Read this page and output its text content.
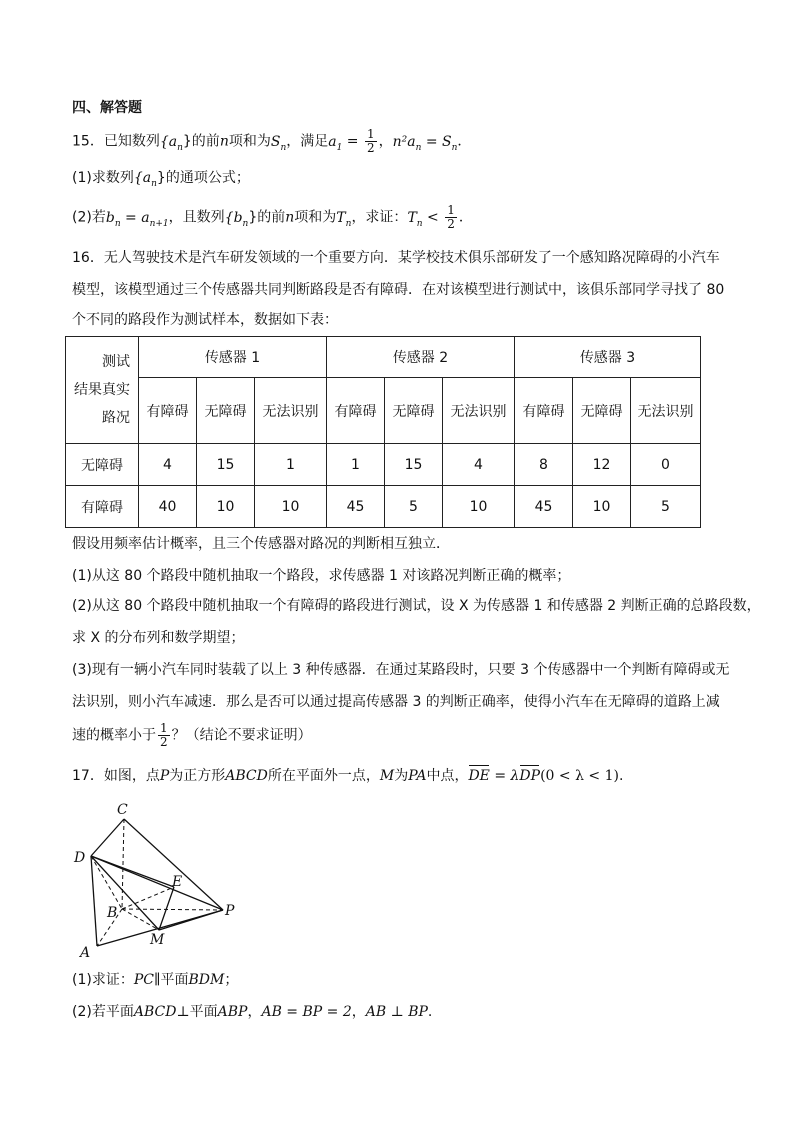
四、解答题
15．已知数列$\{a_n\}$的前n项和为$S_n$，满足$a_1 = \frac{1}{2}$ ，$n^2a_n = S_n$．
(1)求数列$\{a_n\}$的通项公式；
(2)若$b_n = a_{n+1}$，且数列$\{b_n\}$的前n项和为$T_n$，求证：$T_n < \frac{1}{2}$ ．
16．无人驾驶技术是汽车研发领域的一个重要方向．某学校技术俱乐部研发了一个感知路况障碍的小汽车
模型，该模型通过三个传感器共同判断路段是否有障碍．在对该模型进行测试中，该俱乐部同学寻找了 80
个不同的路段作为测试样本，数据如下表：
测试
结果真实
路况	传感器 1			传感器 2			传感器 3		
	有障碍	无障碍	无法识别	有障碍	无障碍	无法识别	有障碍	无障碍	无法识别
无障碍	4	15	1	1	15	4	8	12	0
有障碍	40	10	10	45	5	10	45	10	5
假设用频率估计概率，且三个传感器对路况的判断相互独立．
(1)从这 80 个路段中随机抽取一个路段，求传感器 1 对该路况判断正确的概率；
(2)从这 80 个路段中随机抽取一个有障碍的路段进行测试，设 X 为传感器 1 和传感器 2 判断正确的总路段数，
求 X 的分布列和数学期望；
(3)现有一辆小汽车同时装载了以上 3 种传感器．在通过某路段时，只要 3 个传感器中一个判断有障碍或无
法识别，则小汽车减速．那么是否可以通过提高传感器 3 的判断正确率，使得小汽车在无障碍的道路上减
速的概率小于 $\frac{1}{2}$ ？（结论不要求证明）
17．如图，点P为正方形ABCD所在平面外一点，M为PA中点，DE = λDP(0 < λ < 1).
C
D
E
B	P
M
A
(1)求证：PC∥平面BDM；
(2)若平面ABCD⊥平面ABP，AB = BP = 2，AB ⊥ BP.
